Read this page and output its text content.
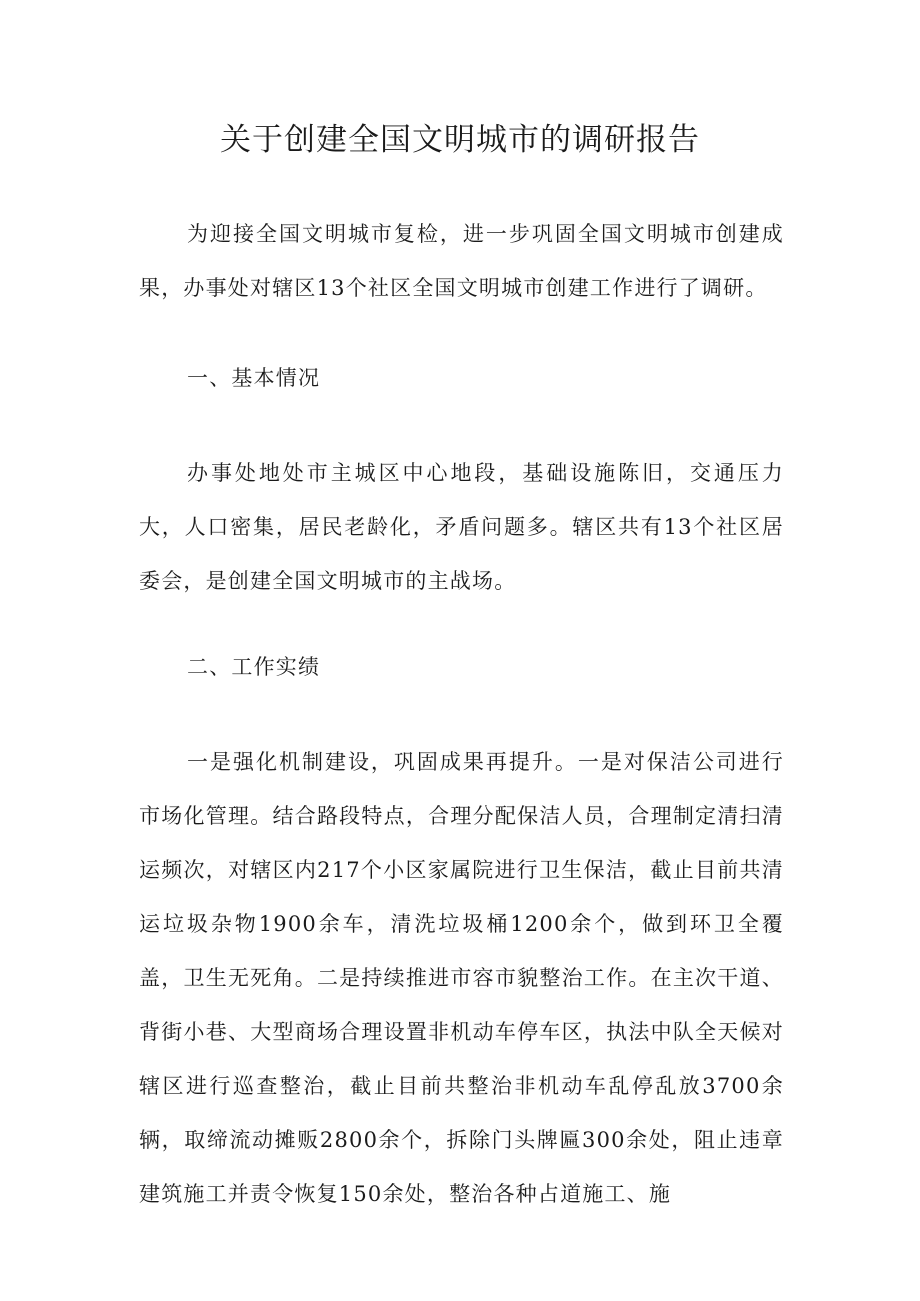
关于创建全国文明城市的调研报告

为迎接全国文明城市复检，进一步巩固全国文明城市创建成果，办事处对辖区13个社区全国文明城市创建工作进行了调研。

一、基本情况

办事处地处市主城区中心地段，基础设施陈旧，交通压力大，人口密集，居民老龄化，矛盾问题多。辖区共有13个社区居委会，是创建全国文明城市的主战场。

二、工作实绩

一是强化机制建设，巩固成果再提升。一是对保洁公司进行市场化管理。结合路段特点，合理分配保洁人员，合理制定清扫清运频次，对辖区内217个小区家属院进行卫生保洁，截止目前共清运垃圾杂物1900余车，清洗垃圾桶1200余个，做到环卫全覆盖，卫生无死角。二是持续推进市容市貌整治工作。在主次干道、背街小巷、大型商场合理设置非机动车停车区，执法中队全天候对辖区进行巡查整治，截止目前共整治非机动车乱停乱放3700余辆，取缔流动摊贩2800余个，拆除门头牌匾300余处，阻止违章建筑施工并责令恢复150余处，整治各种占道施工、施
